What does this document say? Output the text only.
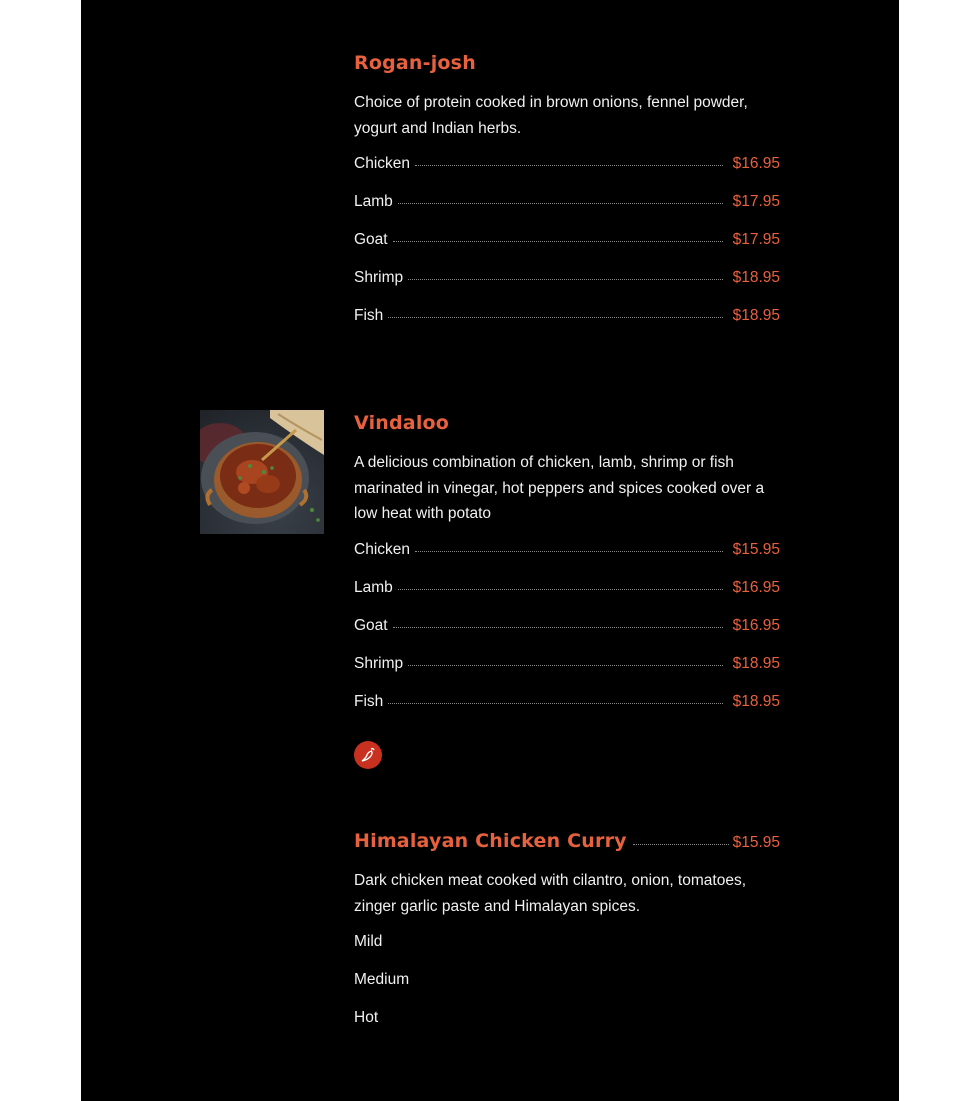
Rogan-josh

Choice of protein cooked in brown onions, fennel powder, yogurt and Indian herbs.

Chicken	$16.95
Lamb	$17.95
Goat	$17.95
Shrimp	$18.95
Fish	$18.95
Vindaloo

A delicious combination of chicken, lamb, shrimp or fish marinated in vinegar, hot peppers and spices cooked over a low heat with potato

Chicken	$15.95
Lamb	$16.95
Goat	$16.95
Shrimp	$18.95
Fish	$18.95
Himalayan Chicken Curry	$15.95

Dark chicken meat cooked with cilantro, onion, tomatoes, zinger garlic paste and Himalayan spices.

Mild
Medium
Hot
